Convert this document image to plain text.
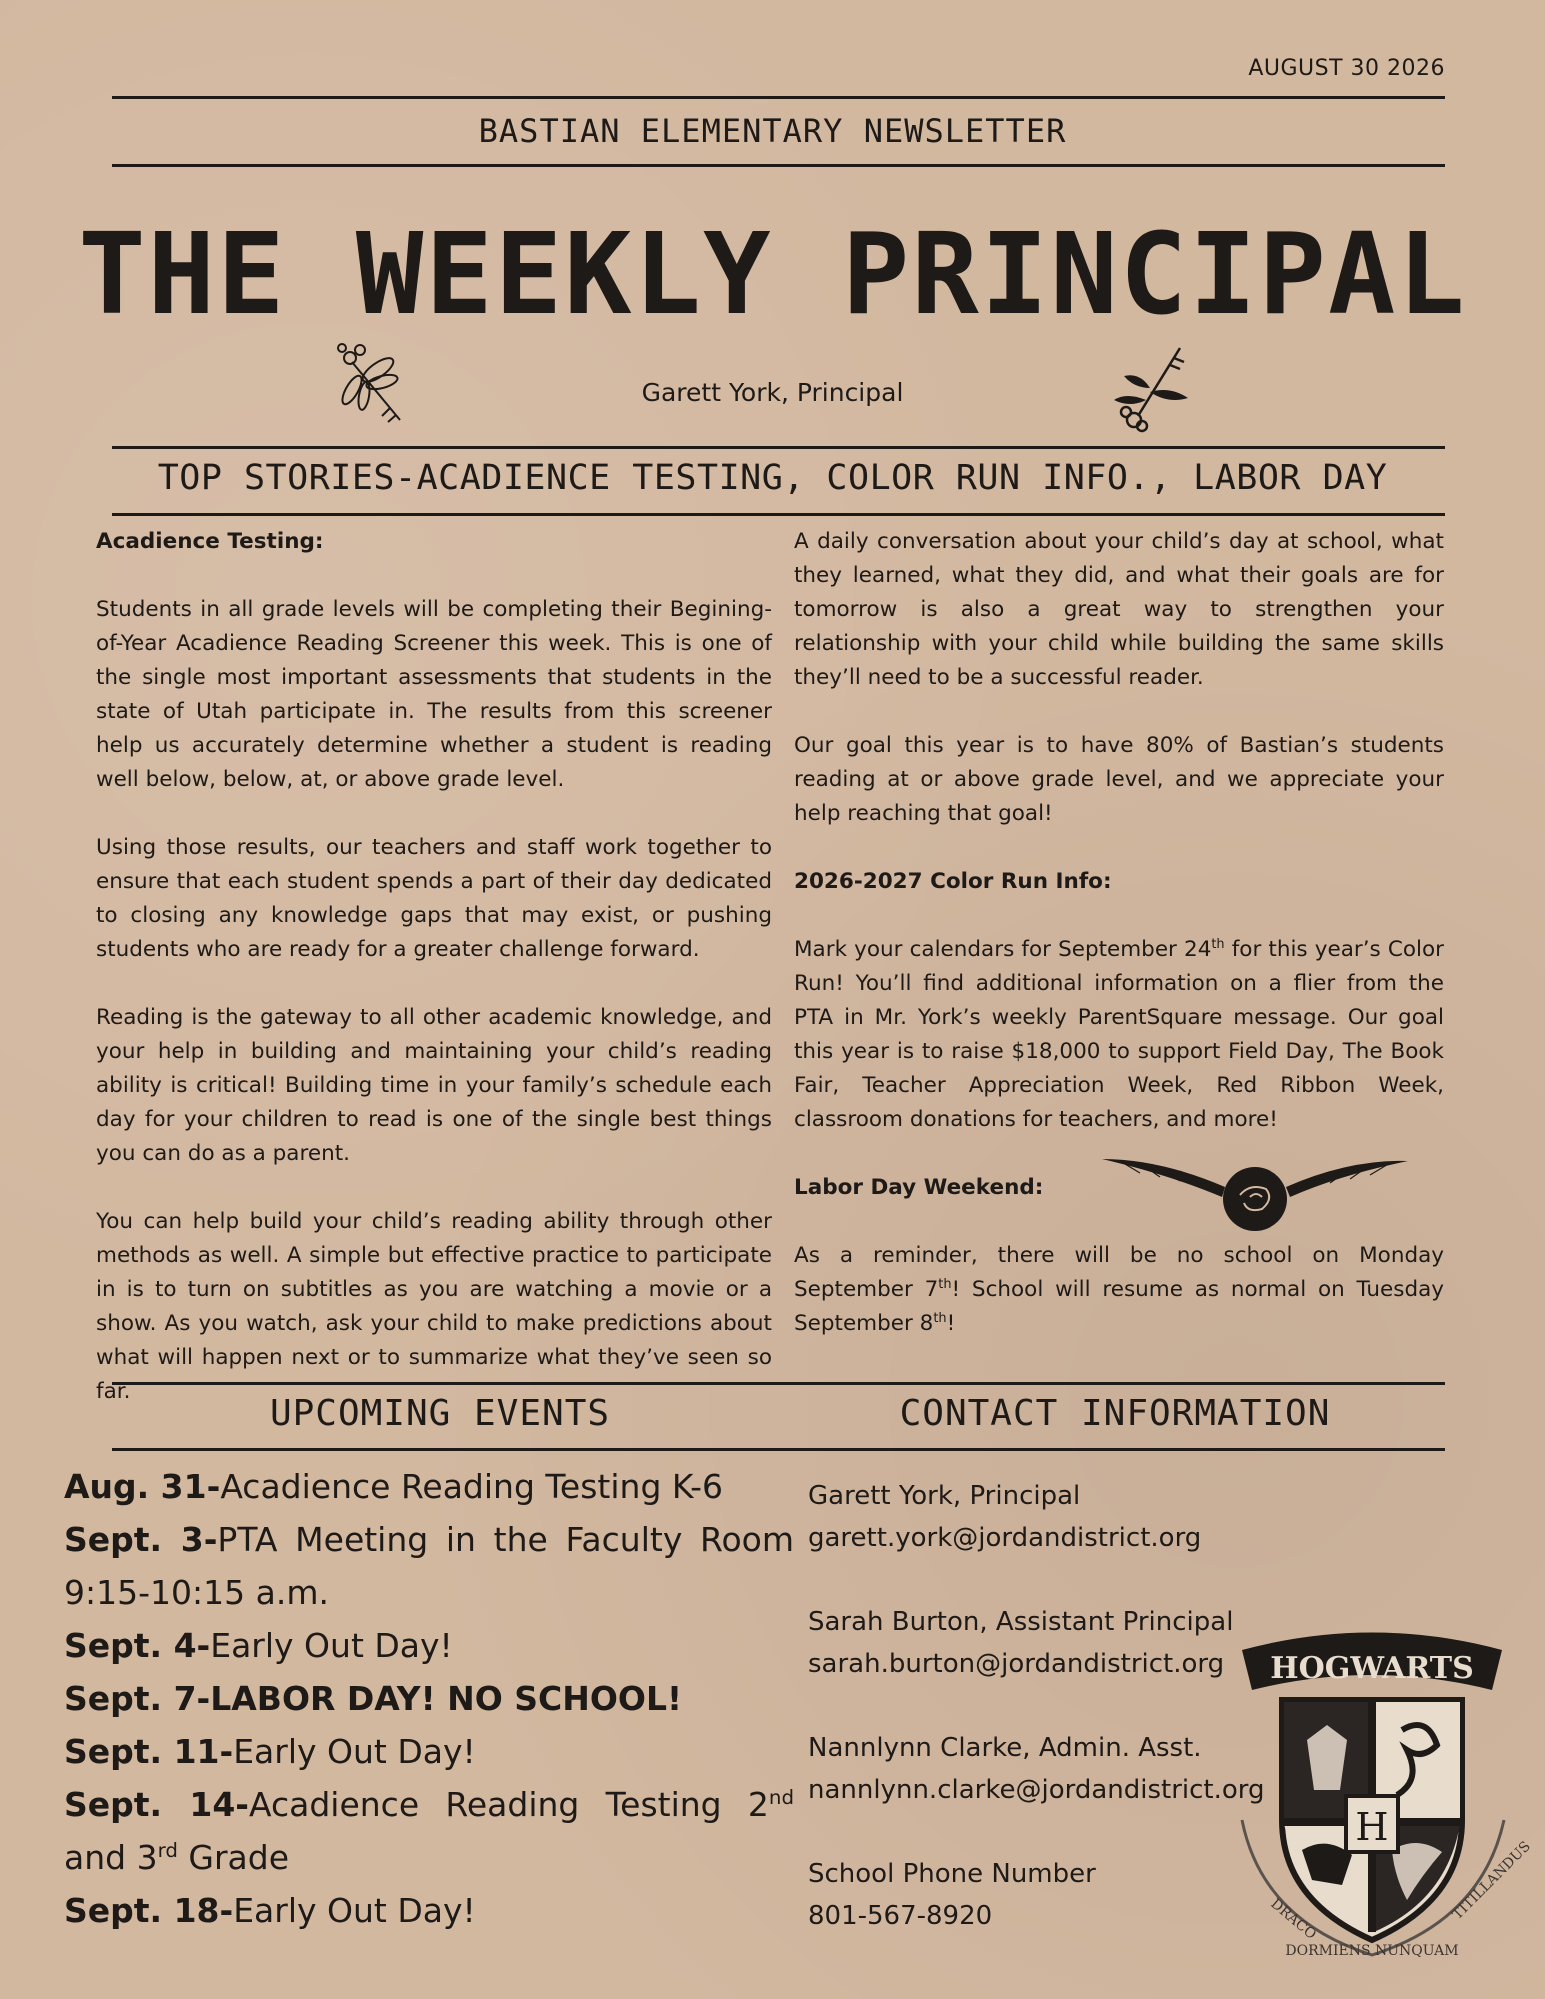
AUGUST 30 2026
BASTIAN ELEMENTARY NEWSLETTER
THE WEEKLY PRINCIPAL
Garett York, Principal
TOP STORIES-ACADIENCE TESTING, COLOR RUN INFO., LABOR DAY

Acadience Testing:

Students in all grade levels will be completing their Begining-of-Year Acadience Reading Screener this week. This is one of the single most important assessments that students in the state of Utah participate in. The results from this screener help us accurately determine whether a student is reading well below, below, at, or above grade level.

Using those results, our teachers and staff work together to ensure that each student spends a part of their day dedicated to closing any knowledge gaps that may exist, or pushing students who are ready for a greater challenge forward.

Reading is the gateway to all other academic knowledge, and your help in building and maintaining your child’s reading ability is critical! Building time in your family’s schedule each day for your children to read is one of the single best things you can do as a parent.

You can help build your child’s reading ability through other methods as well. A simple but effective practice to participate in is to turn on subtitles as you are watching a movie or a show. As you watch, ask your child to make predictions about what will happen next or to summarize what they’ve seen so far.

A daily conversation about your child’s day at school, what they learned, what they did, and what their goals are for tomorrow is also a great way to strengthen your relationship with your child while building the same skills they’ll need to be a successful reader.

Our goal this year is to have 80% of Bastian’s students reading at or above grade level, and we appreciate your help reaching that goal!

2026-2027 Color Run Info:

Mark your calendars for September 24th for this year’s Color Run! You’ll find additional information on a flier from the PTA in Mr. York’s weekly ParentSquare message. Our goal this year is to raise $18,000 to support Field Day, The Book Fair, Teacher Appreciation Week, Red Ribbon Week, classroom donations for teachers, and more!

Labor Day Weekend:

As a reminder, there will be no school on Monday September 7th! School will resume as normal on Tuesday September 8th!

UPCOMING EVENTS	CONTACT INFORMATION
Aug. 31-Acadience Reading Testing K-6
Sept. 3-PTA Meeting in the Faculty Room 9:15-10:15 a.m.
Sept. 4-Early Out Day!
Sept. 7-LABOR DAY! NO SCHOOL!
Sept. 11-Early Out Day!
Sept. 14-Acadience Reading Testing 2nd and 3rd Grade
Sept. 18-Early Out Day!
Garett York, Principal
garett.york@jordandistrict.org
Sarah Burton, Assistant Principal
sarah.burton@jordandistrict.org
Nannlynn Clarke, Admin. Asst.
nannlynn.clarke@jordandistrict.org
School Phone Number
801-567-8920
HOGWARTS
H
DRACO
DORMIENS NUNQUAM
TITILLANDUS
